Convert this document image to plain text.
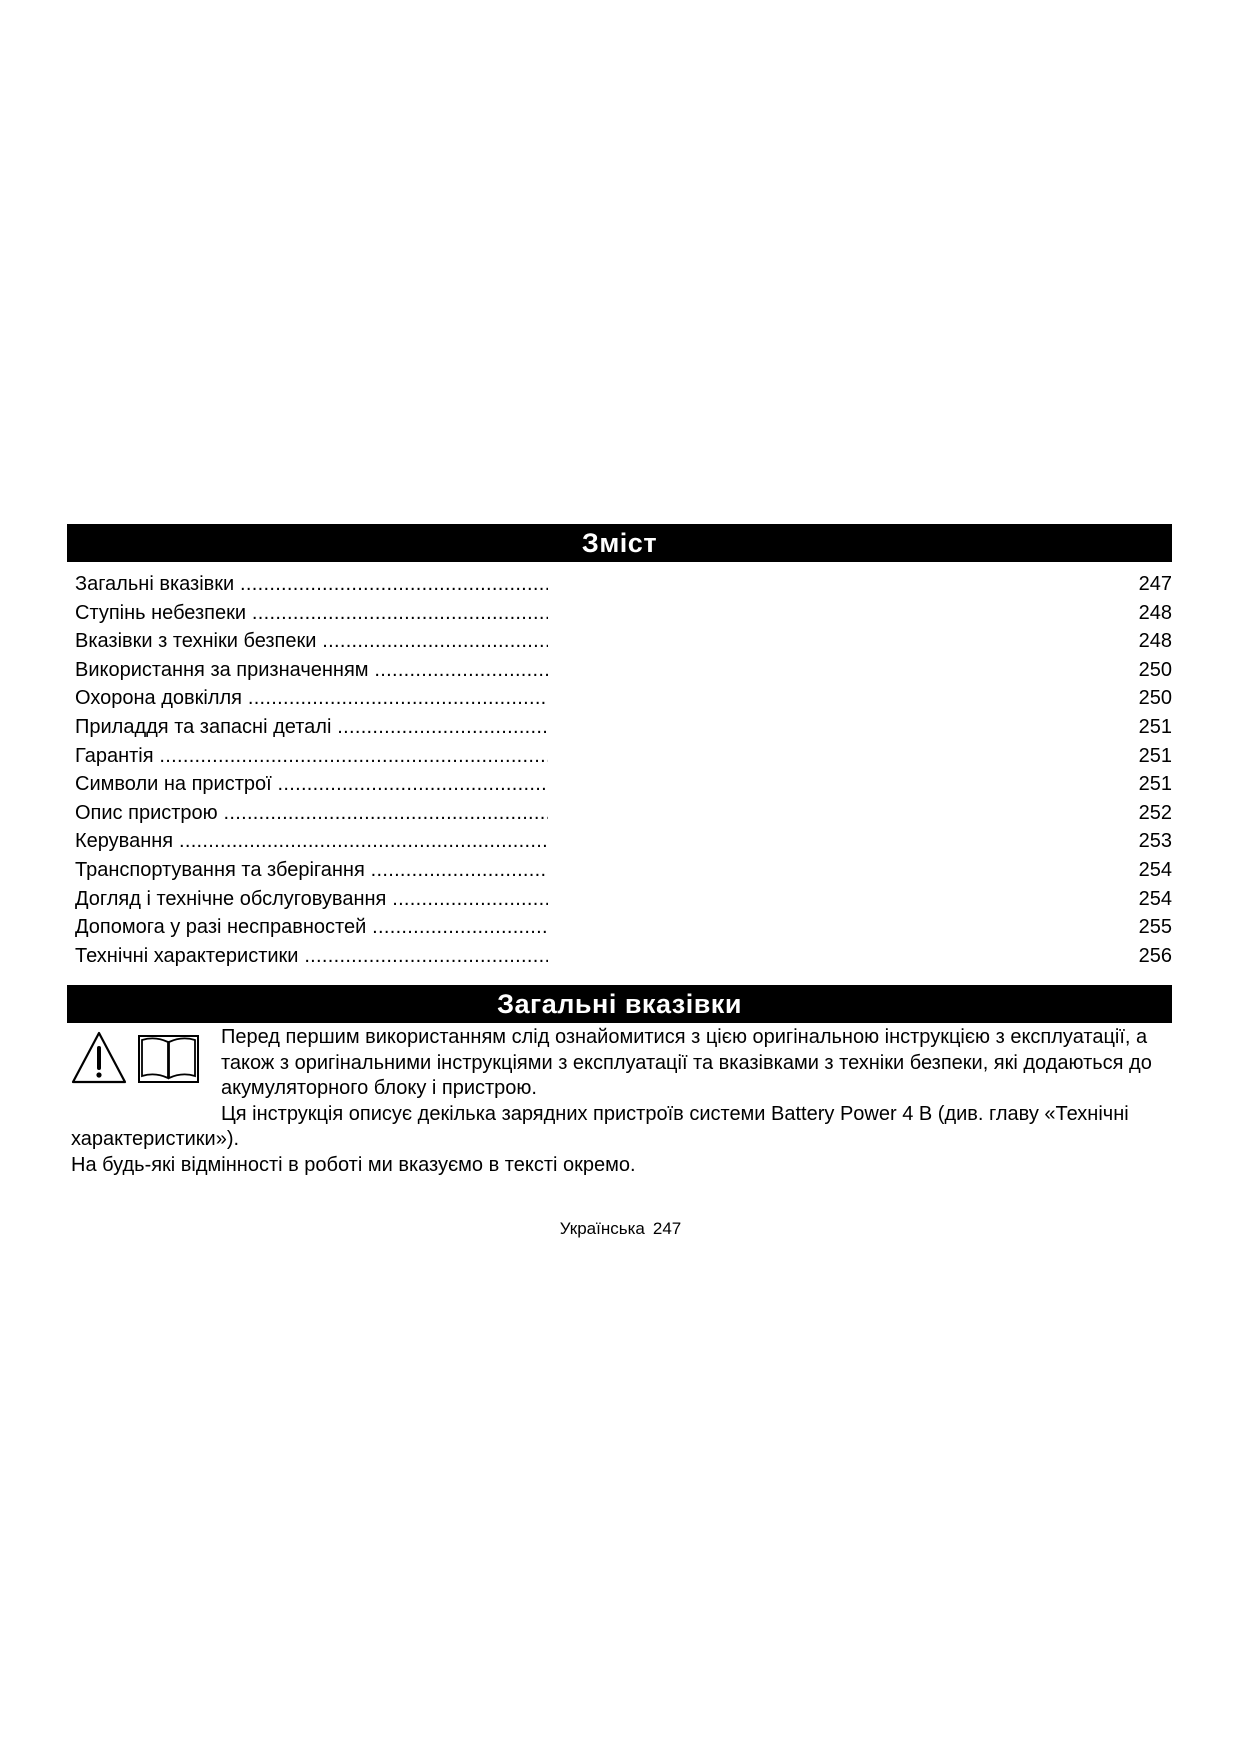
Зміст
Загальні вказівки .....	247
Ступінь небезпеки .....	248
Вказівки з техніки безпеки .....	248
Використання за призначенням .....	250
Охорона довкілля .....	250
Приладдя та запасні деталі .....	251
Гарантія .....	251
Символи на пристрої .....	251
Опис пристрою .....	252
Керування .....	253
Транспортування та зберігання .....	254
Догляд і технічне обслуговування .....	254
Допомога у разі несправностей .....	255
Технічні характеристики .....	256
Загальні вказівки

Перед першим використанням слід ознайомитися з цією оригінальною інструкцією з експлуатації, а також з оригінальними інструкціями з експлуатації та вказівками з техніки безпеки, які додаються до акумуляторного блоку і пристрою.

Ця інструкція описує декілька зарядних пристроїв системи Battery Power 4 В (див. главу «Технічні характеристики»).

На будь-які відмінності в роботі ми вказуємо в тексті окремо.

Українська 247
